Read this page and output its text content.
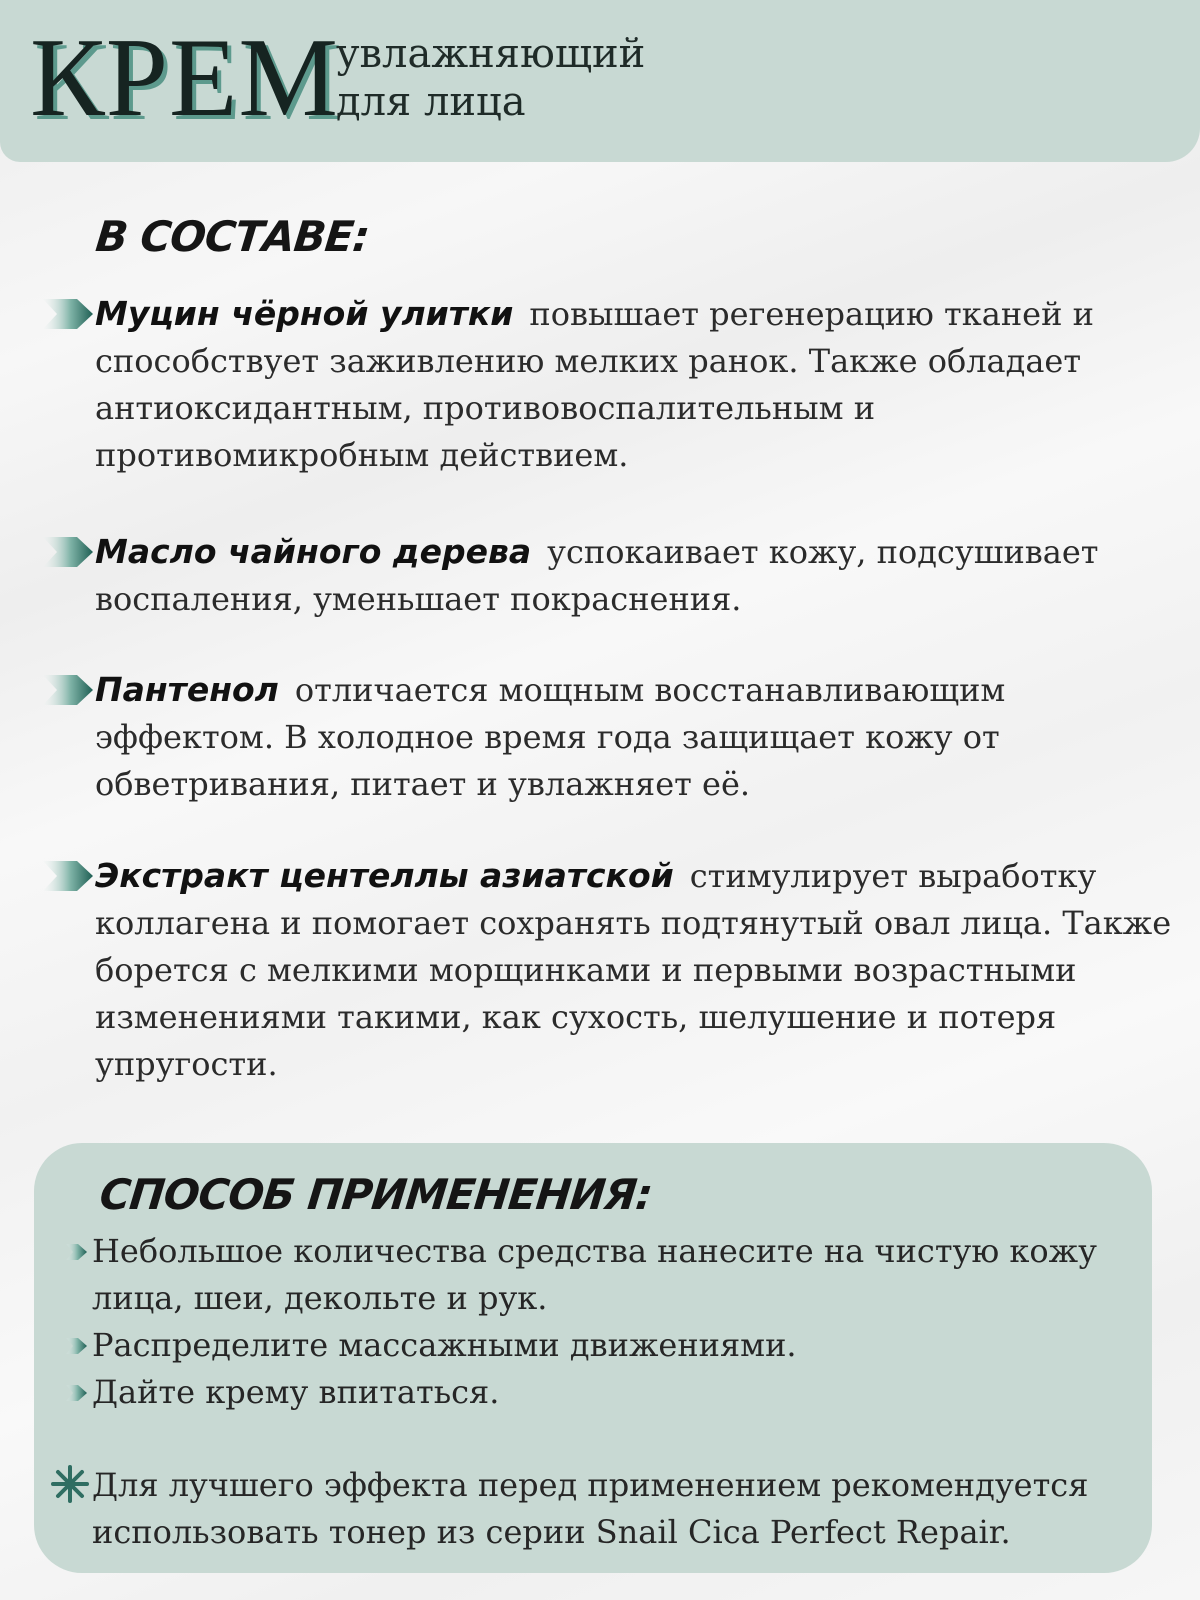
КРЕМ
увлажняющий
для лица
В СОСТАВЕ:
Муцин чёрной улитки повышает регенерацию тканей и способствует заживлению мелких ранок. Также обладает антиоксидантным, противовоспалительным и противомикробным действием.
Масло чайного дерева успокаивает кожу, подсушивает воспаления, уменьшает покраснения.
Пантенол отличается мощным восстанавливающим эффектом. В холодное время года защищает кожу от обветривания, питает и увлажняет её.
Экстракт центеллы азиатской стимулирует выработку коллагена и помогает сохранять подтянутый овал лица. Также борется с мелкими морщинками и первыми возрастными изменениями такими, как сухость, шелушение и потеря упругости.
СПОСОБ ПРИМЕНЕНИЯ:
Небольшое количества средства нанесите на чистую кожу лица, шеи, декольте и рук.
Распределите массажными движениями.
Дайте крему впитаться.
Для лучшего эффекта перед применением рекомендуется использовать тонер из серии Snail Cica Perfect Repair.
